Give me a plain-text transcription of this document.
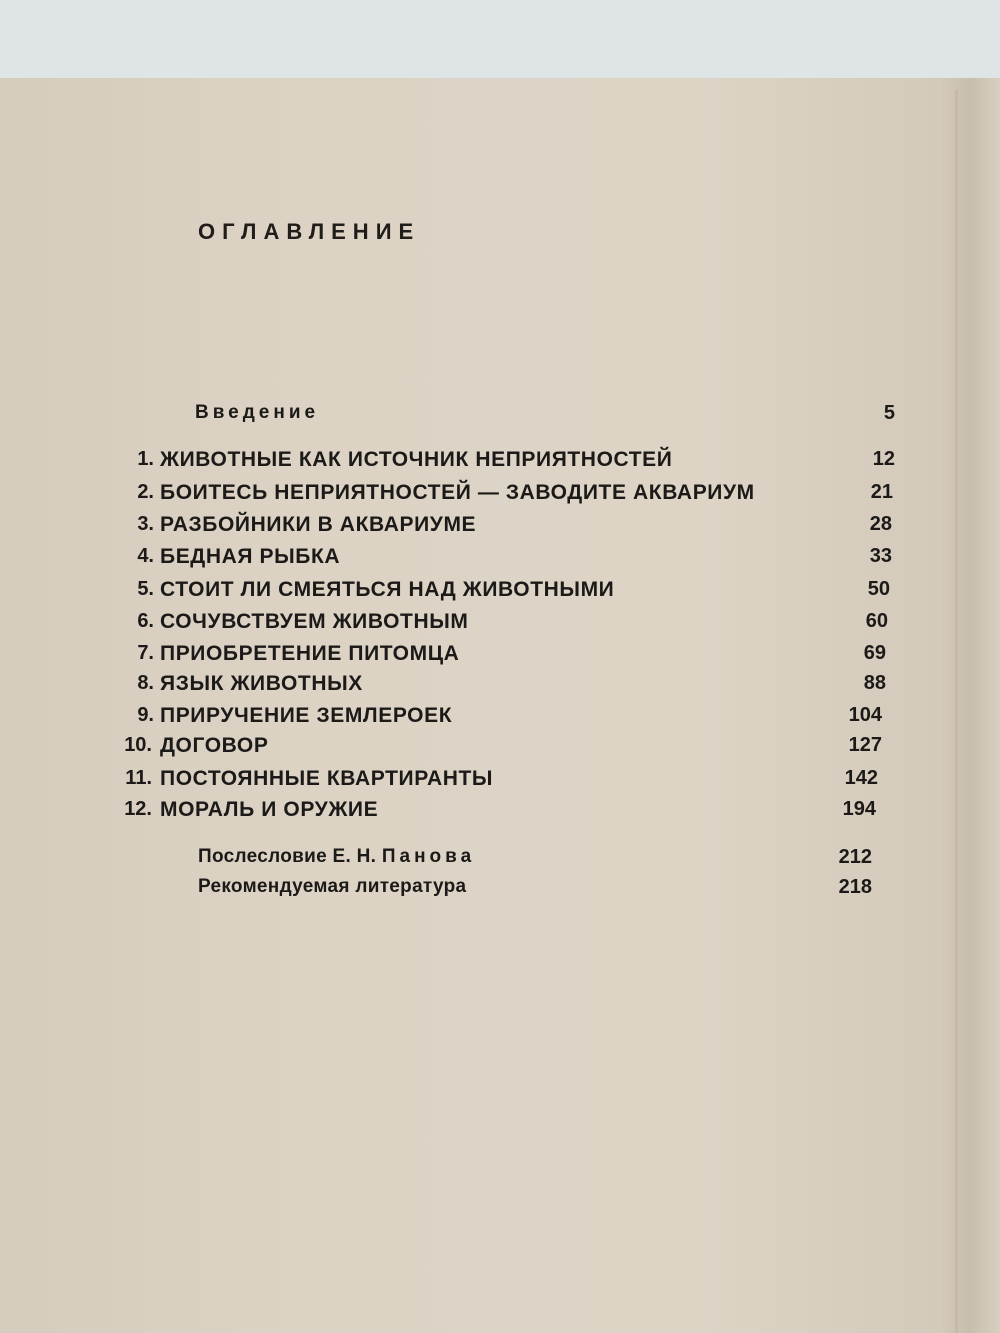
ОГЛАВЛЕНИЕ
Введение	5
1. ЖИВОТНЫЕ КАК ИСТОЧНИК НЕПРИЯТНОСТЕЙ	12
2. БОИТЕСЬ НЕПРИЯТНОСТЕЙ — ЗАВОДИТЕ АКВАРИУМ	21
3. РАЗБОЙНИКИ В АКВАРИУМЕ	28
4. БЕДНАЯ РЫБКА	33
5. СТОИТ ЛИ СМЕЯТЬСЯ НАД ЖИВОТНЫМИ	50
6. СОЧУВСТВУЕМ ЖИВОТНЫМ	60
7. ПРИОБРЕТЕНИЕ ПИТОМЦА	69
8. ЯЗЫК ЖИВОТНЫХ	88
9. ПРИРУЧЕНИЕ ЗЕМЛЕРОЕК	104
10. ДОГОВОР	127
11. ПОСТОЯННЫЕ КВАРТИРАНТЫ	142
12. МОРАЛЬ И ОРУЖИЕ	194
Послесловие Е. Н. Панова	212
Рекомендуемая литература	218
